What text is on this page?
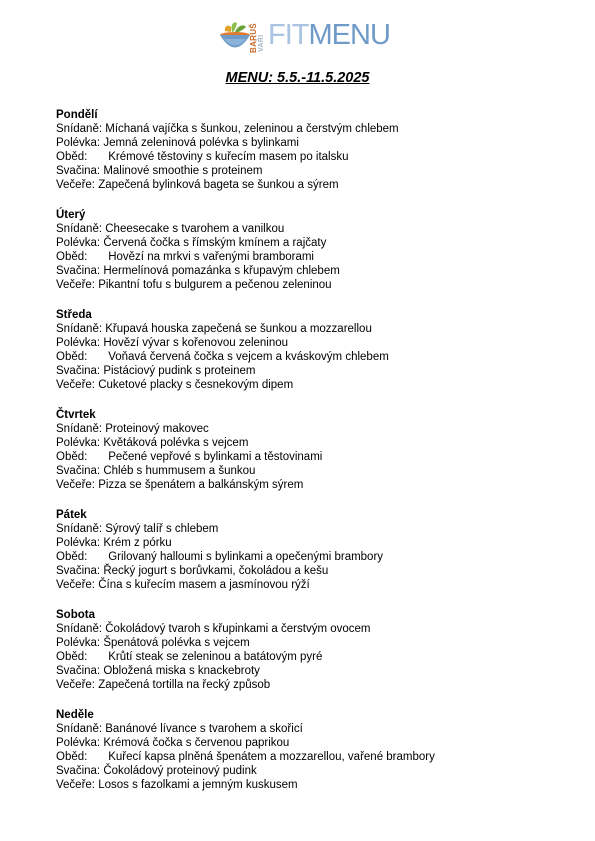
BARUŠ VAŘÍ FITMENU
MENU: 5.5.-11.5.2025
Pondělí
Snídaně: Míchaná vajíčka s šunkou, zeleninou a čerstvým chlebem
Polévka: Jemná zeleninová polévka s bylinkami
Oběd: Krémové těstoviny s kuřecím masem po italsku
Svačina: Malinové smoothie s proteinem
Večeře: Zapečená bylinková bageta se šunkou a sýrem
Úterý
Snídaně: Cheesecake s tvarohem a vanilkou
Polévka: Červená čočka s římským kmínem a rajčaty
Oběd: Hovězí na mrkvi s vařenými bramborami
Svačina: Hermelínová pomazánka s křupavým chlebem
Večeře: Pikantní tofu s bulgurem a pečenou zeleninou
Středa
Snídaně: Křupavá houska zapečená se šunkou a mozzarellou
Polévka: Hovězí vývar s kořenovou zeleninou
Oběd: Voňavá červená čočka s vejcem a kváskovým chlebem
Svačina: Pistáciový pudink s proteinem
Večeře: Cuketové placky s česnekovým dipem
Čtvrtek
Snídaně: Proteinový makovec
Polévka: Květáková polévka s vejcem
Oběd: Pečené vepřové s bylinkami a těstovinami
Svačina: Chléb s hummusem a šunkou
Večeře: Pizza se špenátem a balkánským sýrem
Pátek
Snídaně: Sýrový talíř s chlebem
Polévka: Krém z pórku
Oběd: Grilovaný halloumi s bylinkami a opečenými brambory
Svačina: Řecký jogurt s borůvkami, čokoládou a kešu
Večeře: Čína s kuřecím masem a jasmínovou rýží
Sobota
Snídaně: Čokoládový tvaroh s křupinkami a čerstvým ovocem
Polévka: Špenátová polévka s vejcem
Oběd: Krůtí steak se zeleninou a batátovým pyré
Svačina: Obložená miska s knackebroty
Večeře: Zapečená tortilla na řecký způsob
Neděle
Snídaně: Banánové lívance s tvarohem a skořicí
Polévka: Krémová čočka s červenou paprikou
Oběd: Kuřecí kapsa plněná špenátem a mozzarellou, vařené brambory
Svačina: Čokoládový proteinový pudink
Večeře: Losos s fazolkami a jemným kuskusem
